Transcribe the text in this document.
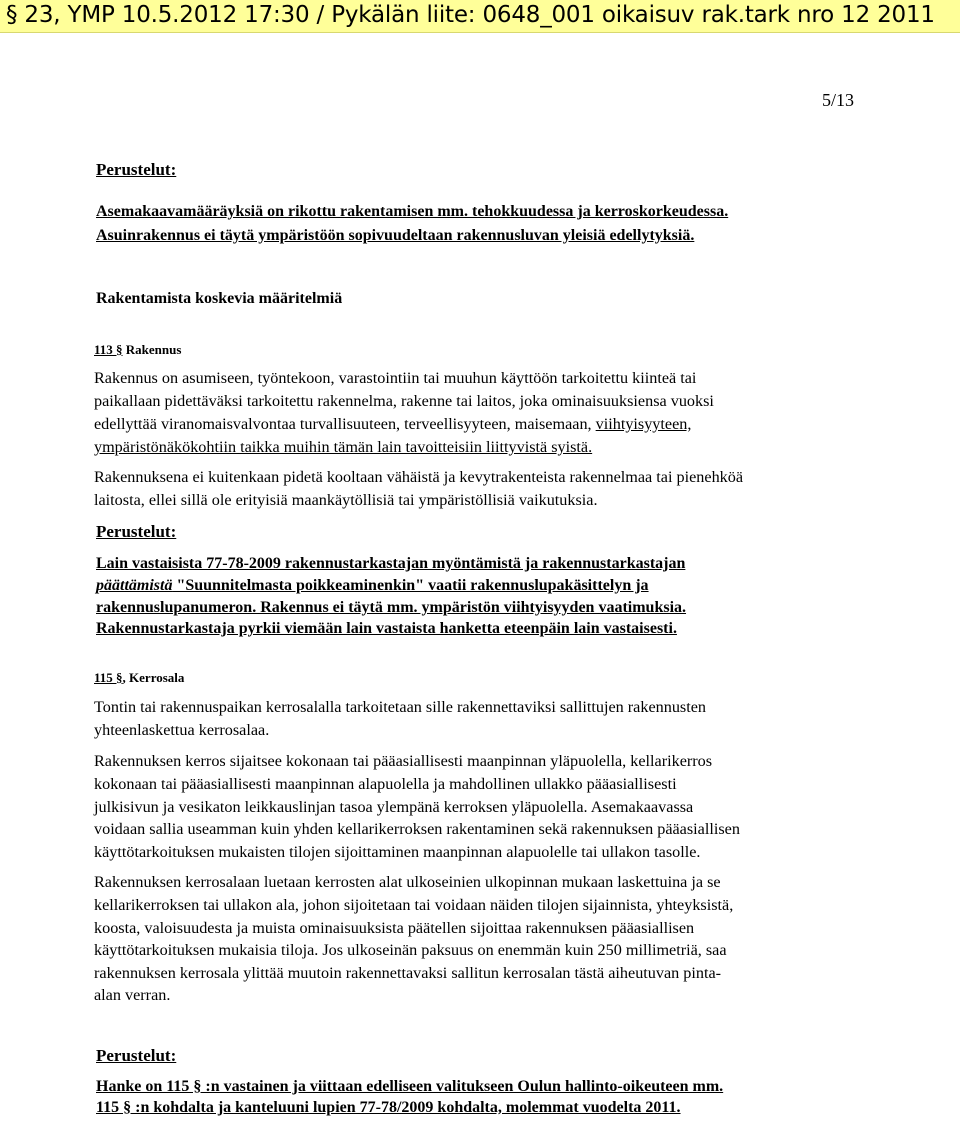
§ 23, YMP 10.5.2012 17:30 / Pykälän liite: 0648_001 oikaisuv rak.tark nro 12 2011
5/13
Perustelut:
Asemakaavamääräyksiä on rikottu rakentamisen mm. tehokkuudessa ja kerroskorkeudessa.
Asuinrakennus ei täytä ympäristöön sopivuudeltaan rakennusluvan yleisiä edellytyksiä.
Rakentamista koskevia määritelmiä
113 § Rakennus
Rakennus on asumiseen, työntekoon, varastointiin tai muuhun käyttöön tarkoitettu kiinteä tai
paikallaan pidettäväksi tarkoitettu rakennelma, rakenne tai laitos, joka ominaisuuksiensa vuoksi
edellyttää viranomaisvalvontaa turvallisuuteen, terveellisyyteen, maisemaan, viihtyisyyteen,
ympäristönäkökohtiin taikka muihin tämän lain tavoitteisiin liittyvistä syistä.
Rakennuksena ei kuitenkaan pidetä kooltaan vähäistä ja kevytrakenteista rakennelmaa tai pienehköä
laitosta, ellei sillä ole erityisiä maankäytöllisiä tai ympäristöllisiä vaikutuksia.
Perustelut:
Lain vastaisista 77-78-2009 rakennustarkastajan myöntämistä ja rakennustarkastajan
päättämistä "Suunnitelmasta poikkeaminenkin" vaatii rakennuslupakäsittelyn ja
rakennuslupanumeron. Rakennus ei täytä mm. ympäristön viihtyisyyden vaatimuksia.
Rakennustarkastaja pyrkii viemään lain vastaista hanketta eteenpäin lain vastaisesti.
115 §, Kerrosala
Tontin tai rakennuspaikan kerrosalalla tarkoitetaan sille rakennettaviksi sallittujen rakennusten
yhteenlaskettua kerrosalaa.
Rakennuksen kerros sijaitsee kokonaan tai pääasiallisesti maanpinnan yläpuolella, kellarikerros
kokonaan tai pääasiallisesti maanpinnan alapuolella ja mahdollinen ullakko pääasiallisesti
julkisivun ja vesikaton leikkauslinjan tasoa ylempänä kerroksen yläpuolella. Asemakaavassa
voidaan sallia useamman kuin yhden kellarikerroksen rakentaminen sekä rakennuksen pääasiallisen
käyttötarkoituksen mukaisten tilojen sijoittaminen maanpinnan alapuolelle tai ullakon tasolle.
Rakennuksen kerrosalaan luetaan kerrosten alat ulkoseinien ulkopinnan mukaan laskettuina ja se
kellarikerroksen tai ullakon ala, johon sijoitetaan tai voidaan näiden tilojen sijainnista, yhteyksistä,
koosta, valoisuudesta ja muista ominaisuuksista päätellen sijoittaa rakennuksen pääasiallisen
käyttötarkoituksen mukaisia tiloja. Jos ulkoseinän paksuus on enemmän kuin 250 millimetriä, saa
rakennuksen kerrosala ylittää muutoin rakennettavaksi sallitun kerrosalan tästä aiheutuvan pinta-
alan verran.
Perustelut:
Hanke on 115 § :n vastainen ja viittaan edelliseen valitukseen Oulun hallinto-oikeuteen mm.
115 § :n kohdalta ja kanteluuni lupien 77-78/2009 kohdalta, molemmat vuodelta 2011.
